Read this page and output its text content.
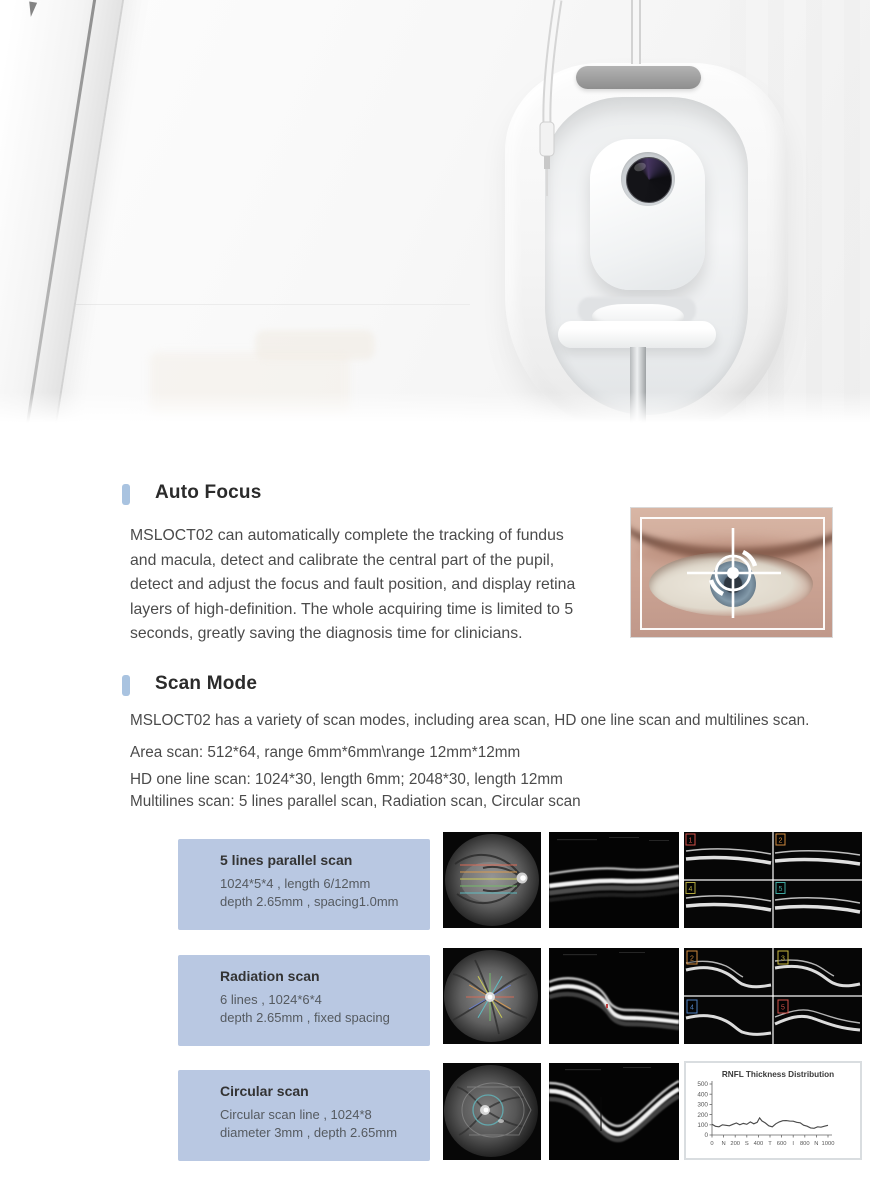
Auto Focus
MSLOCT02 can automatically complete the tracking of fundus
and macula, detect and calibrate the central part of the pupil,
detect and adjust the focus and fault position, and display retina
layers of high-definition. The whole acquiring time is limited to 5
seconds, greatly saving the diagnosis time for clinicians.
Scan Mode
MSLOCT02 has a variety of scan modes, including area scan, HD one line scan and multilines scan.
Area scan: 512*64, range 6mm*6mm\range 12mm*12mm
HD one line scan: 1024*30, length 6mm; 2048*30, length 12mm
Multilines scan: 5 lines parallel scan, Radiation scan, Circular scan
5 lines parallel scan
1024*5*4 , length 6/12mm
depth 2.65mm , spacing1.0mm
1	2
4	5
Radiation scan
6 lines , 1024*6*4
depth 2.65mm , fixed spacing
2	3
4	5
Circular scan
Circular scan line , 1024*8
diameter 3mm , depth 2.65mm
RNFL Thickness Distribution
0
100
200
300
400
500
0 N 200 S 400 T 600 I 800 N 1000
